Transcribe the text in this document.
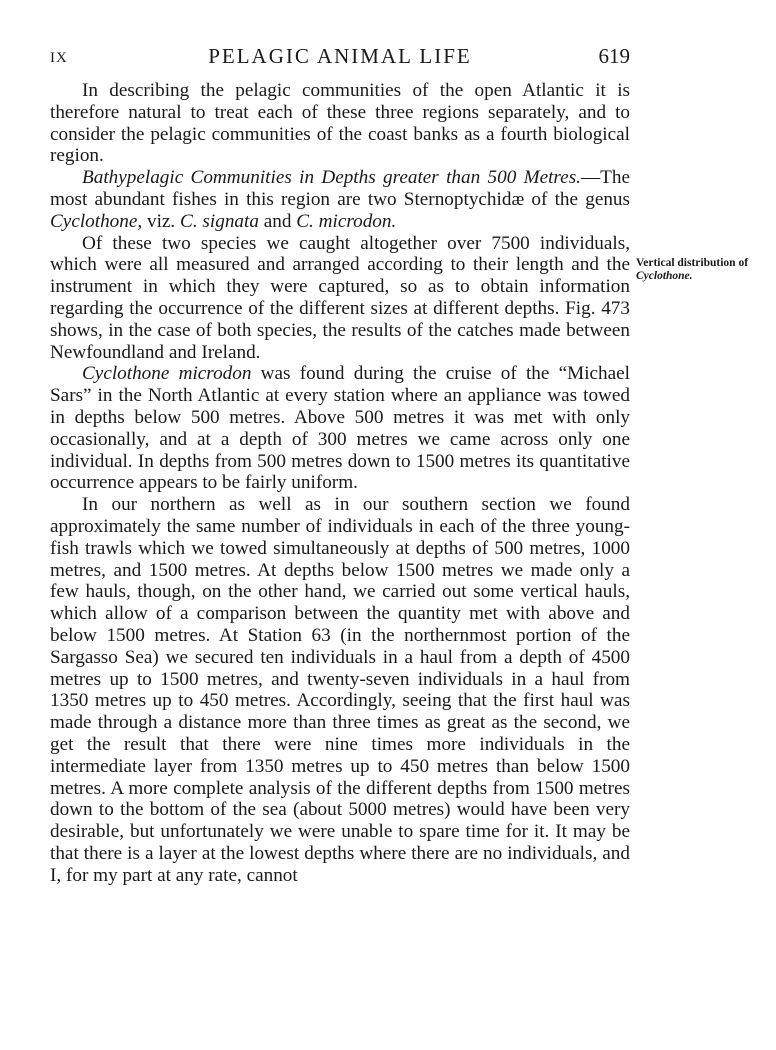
IX	PELAGIC ANIMAL LIFE	619

In describing the pelagic communities of the open Atlantic it is therefore natural to treat each of these three regions separately, and to consider the pelagic communities of the coast banks as a fourth biological region.

Bathypelagic Communities in Depths greater than 500 Metres.—The most abundant fishes in this region are two Sternoptychidæ of the genus Cyclothone, viz. C. signata and C. microdon.

Of these two species we caught altogether over 7500 individuals, which were all measured and arranged according to their length and the instrument in which they were captured, so as to obtain information regarding the occurrence of the different sizes at different depths. Fig. 473 shows, in the case of both species, the results of the catches made between Newfoundland and Ireland.

Cyclothone microdon was found during the cruise of the “Michael Sars” in the North Atlantic at every station where an appliance was towed in depths below 500 metres. Above 500 metres it was met with only occasionally, and at a depth of 300 metres we came across only one individual. In depths from 500 metres down to 1500 metres its quantitative occurrence appears to be fairly uniform.

In our northern as well as in our southern section we found approximately the same number of individuals in each of the three young-fish trawls which we towed simultaneously at depths of 500 metres, 1000 metres, and 1500 metres. At depths below 1500 metres we made only a few hauls, though, on the other hand, we carried out some vertical hauls, which allow of a comparison between the quantity met with above and below 1500 metres. At Station 63 (in the northernmost portion of the Sargasso Sea) we secured ten individuals in a haul from a depth of 4500 metres up to 1500 metres, and twenty-seven individuals in a haul from 1350 metres up to 450 metres. Accordingly, seeing that the first haul was made through a distance more than three times as great as the second, we get the result that there were nine times more individuals in the intermediate layer from 1350 metres up to 450 metres than below 1500 metres. A more complete analysis of the different depths from 1500 metres down to the bottom of the sea (about 5000 metres) would have been very desirable, but unfortunately we were unable to spare time for it. It may be that there is a layer at the lowest depths where there are no individuals, and I, for my part at any rate, cannot

Vertical distribution of Cyclothone.
